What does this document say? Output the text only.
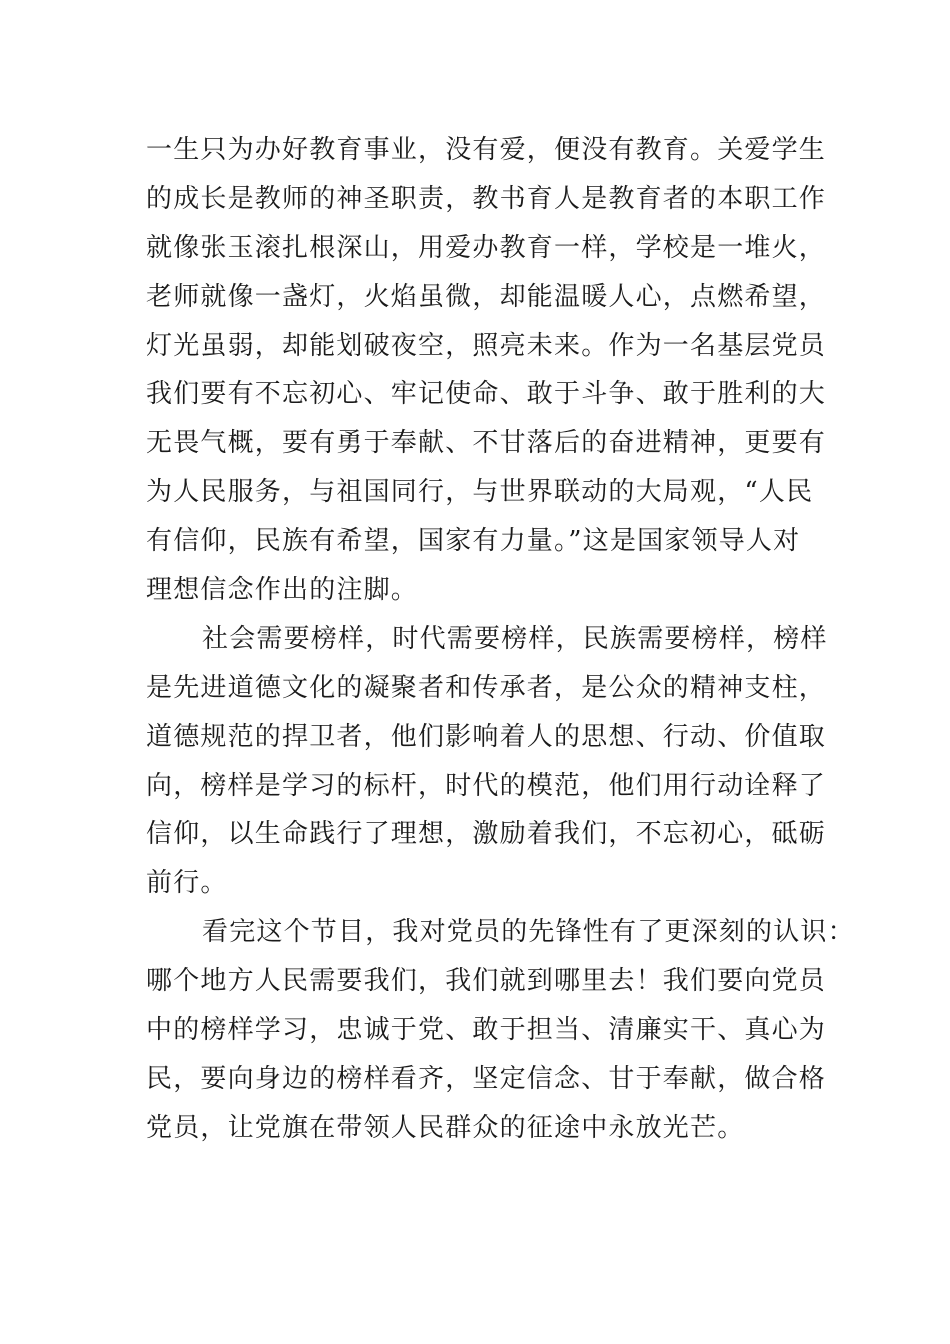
一生只为办好教育事业，没有爱，便没有教育。关爱学生
的成长是教师的神圣职责，教书育人是教育者的本职工作
就像张玉滚扎根深山，用爱办教育一样，学校是一堆火，
老师就像一盏灯，火焰虽微，却能温暖人心，点燃希望，
灯光虽弱，却能划破夜空，照亮未来。作为一名基层党员
我们要有不忘初心、牢记使命、敢于斗争、敢于胜利的大
无畏气概，要有勇于奉献、不甘落后的奋进精神，更要有
为人民服务，与祖国同行，与世界联动的大局观，“人民
有信仰，民族有希望，国家有力量。”这是国家领导人对
理想信念作出的注脚。
社会需要榜样，时代需要榜样，民族需要榜样，榜样
是先进道德文化的凝聚者和传承者，是公众的精神支柱，
道德规范的捍卫者，他们影响着人的思想、行动、价值取
向，榜样是学习的标杆，时代的模范，他们用行动诠释了
信仰，以生命践行了理想，激励着我们，不忘初心，砥砺
前行。
看完这个节目，我对党员的先锋性有了更深刻的认识：
哪个地方人民需要我们，我们就到哪里去！我们要向党员
中的榜样学习，忠诚于党、敢于担当、清廉实干、真心为
民，要向身边的榜样看齐，坚定信念、甘于奉献，做合格
党员，让党旗在带领人民群众的征途中永放光芒。
